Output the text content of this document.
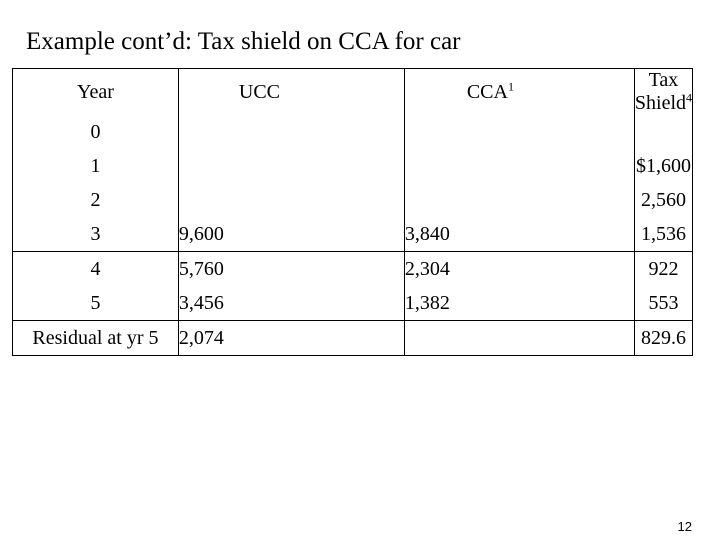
Example cont’d: Tax shield on CCA for car
Year	UCC	CCA$^1$	Tax Shield$^4$
0			
1			$1,600
2			2,560
3	9,600	3,840	1,536
4	5,760	2,304	922
5	3,456	1,382	553
Residual at yr 5	2,074		829.6
12
